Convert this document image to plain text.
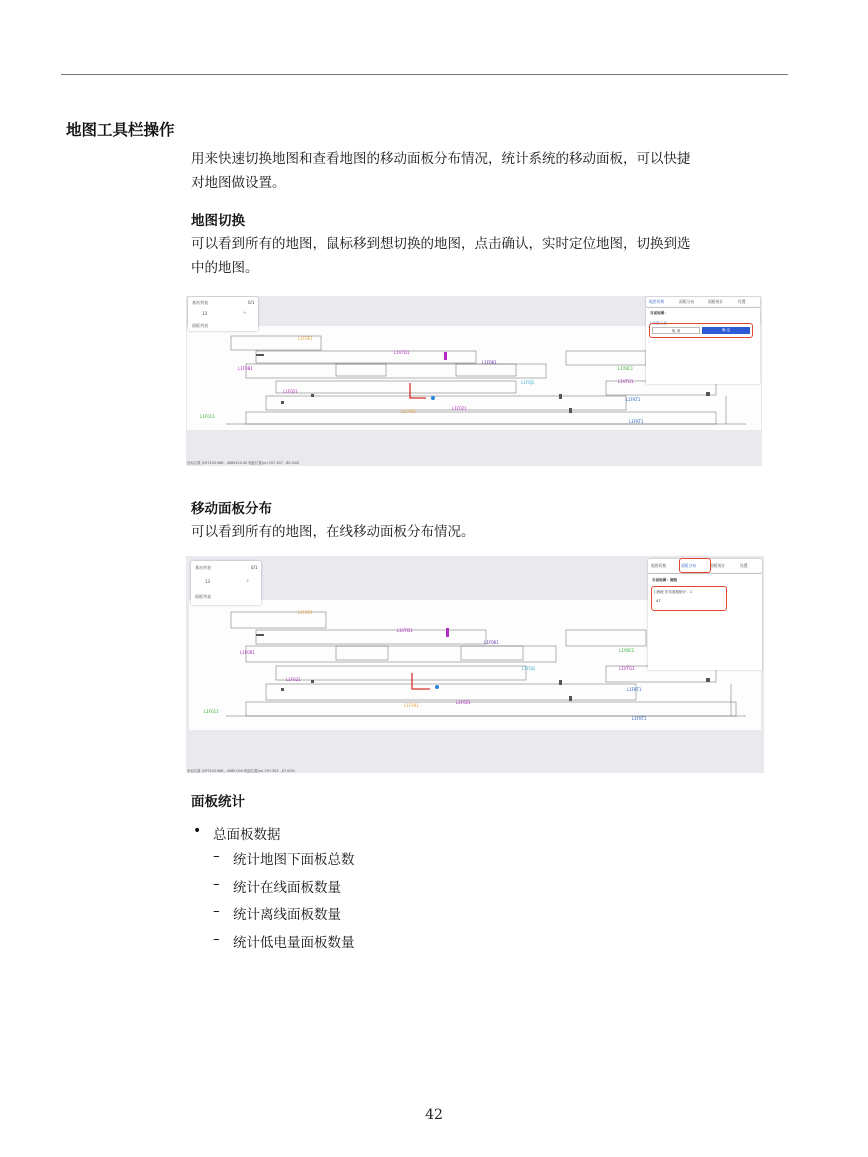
地图工具栏操作
用来快速切换地图和查看地图的移动面板分布情况，统计系统的移动面板，可以快捷
对地图做设置。
地图切换
可以看到所有的地图，鼠标移到想切换的地图，点击确认，实时定位地图，切换到选
中的地图。
L1F0E1
L1VTD1
L1F0B1
L1F061
L1YBC1
L1F021
L1VTG1
L1F0J1
L1FKT1
L1F011
L1FV91
L1FKT1
L1F021
基站列表	0/1
13	✧
面板列表
地图切换	面板分布	面板统计	设置
当前地图：
| 沙盘工业
取 消	确 定
坐标位置 (297203.966 , 4085410.00 相距位置(m) 297.307 , 80.304)
移动面板分布
可以看到所有的地图，在线移动面板分布情况。
L1F0E1
L1VTD1
L1F0B1
L1F061
L1YBC1
L1F021
L1VTG1
L1F0J1
L1FKT1
L1F011
L1FV91
L1FKT1
L1F021
基站列表	0/1
13	✧
面板列表
地图切换	面板分布	面板统计	设置
当前地图：测流
| 测流 在线面板统计：1
47
坐标位置 (297203.966 , 4085.000 相距位置(m) 297.302 , 87.005)
面板统计
• 总面板数据
– 统计地图下面板总数
– 统计在线面板数量
– 统计离线面板数量
– 统计低电量面板数量
42
